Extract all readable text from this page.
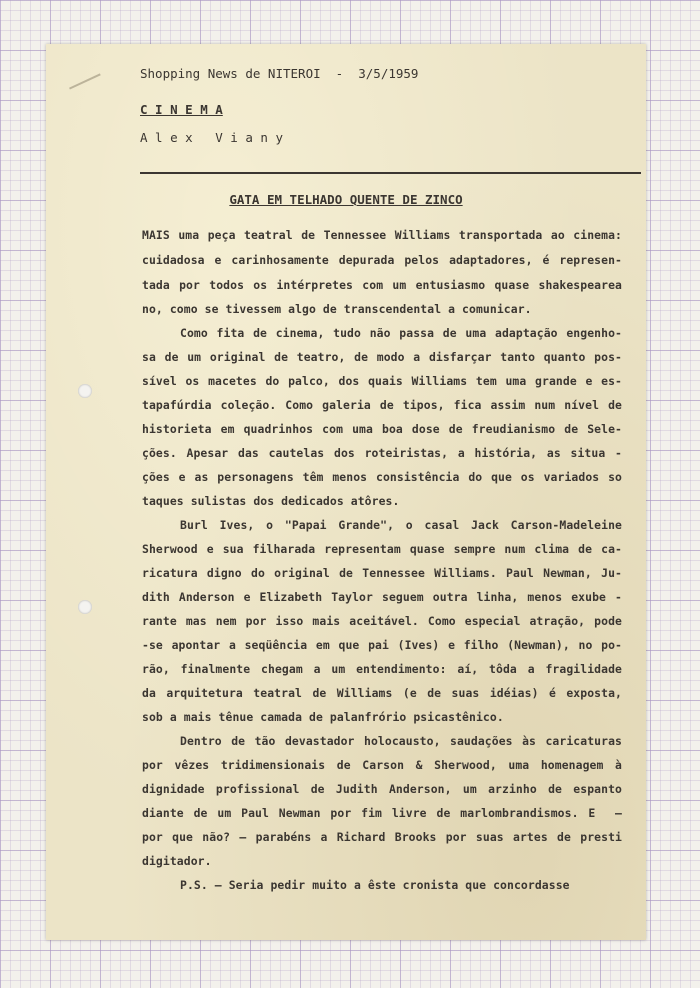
Shopping News de NITEROI  -  3/5/1959
C I N E M A
A l e x   V i a n y
GATA EM TELHADO QUENTE DE ZINCO
MAIS uma peça teatral de Tennessee Williams transportada ao cinema:
cuidadosa e carinhosamente depurada pelos adaptadores, é represen-
tada por todos os intérpretes com um entusiasmo quase shakespearea
no, como se tivessem algo de transcendental a comunicar.
Como fita de cinema, tudo não passa de uma adaptação engenho-
sa de um original de teatro, de modo a disfarçar tanto quanto pos-
sível os macetes do palco, dos quais Williams tem uma grande e es-
tapafúrdia coleção. Como galeria de tipos, fica assim num nível de
historieta em quadrinhos com uma boa dose de freudianismo de Sele-
ções. Apesar das cautelas dos roteiristas, a história, as situa -
ções e as personagens têm menos consistência do que os variados so
taques sulistas dos dedicados atôres.
Burl Ives, o "Papai Grande", o casal Jack Carson-Madeleine
Sherwood e sua filharada representam quase sempre num clima de ca-
ricatura digno do original de Tennessee Williams. Paul Newman, Ju-
dith Anderson e Elizabeth Taylor seguem outra linha, menos exube -
rante mas nem por isso mais aceitável. Como especial atração, pode
-se apontar a seqüência em que pai (Ives) e filho (Newman), no po-
rão, finalmente chegam a um entendimento: aí, tôda a fragilidade
da arquitetura teatral de Williams (e de suas idéias) é exposta,
sob a mais tênue camada de palanfrório psicastênico.
Dentro de tão devastador holocausto, saudações às caricaturas
por vêzes tridimensionais de Carson & Sherwood, uma homenagem à
dignidade profissional de Judith Anderson, um arzinho de espanto
diante de um Paul Newman por fim livre de marlombrandismos. E  —
por que não? — parabéns a Richard Brooks por suas artes de presti
digitador.
P.S. — Seria pedir muito a êste cronista que concordasse
